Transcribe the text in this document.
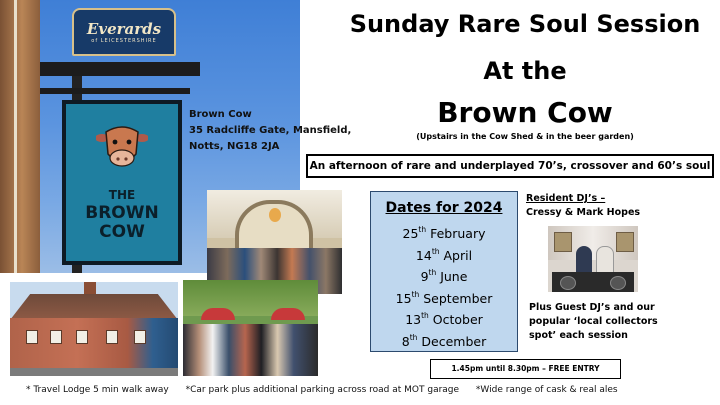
Everards
of LEICESTERSHIRE
THE
BROWN
COW
Brown Cow
35 Radcliffe Gate, Mansfield,
Notts, NG18 2JA
Sunday Rare Soul Session
At the
Brown Cow
(Upstairs in the Cow Shed & in the beer garden)
An afternoon of rare and underplayed 70’s, crossover and 60’s soul
Dates for 2024
25th February
14th April
9th June
15th September
13th October
8th December
Resident DJ’s –
Cressy & Mark Hopes
Plus Guest DJ’s and our
popular ‘local collectors
spot’ each session
1.45pm until 8.30pm – FREE ENTRY
* Travel Lodge 5 min walk away *Car park plus additional parking across road at MOT garage *Wide range of cask & real ales
